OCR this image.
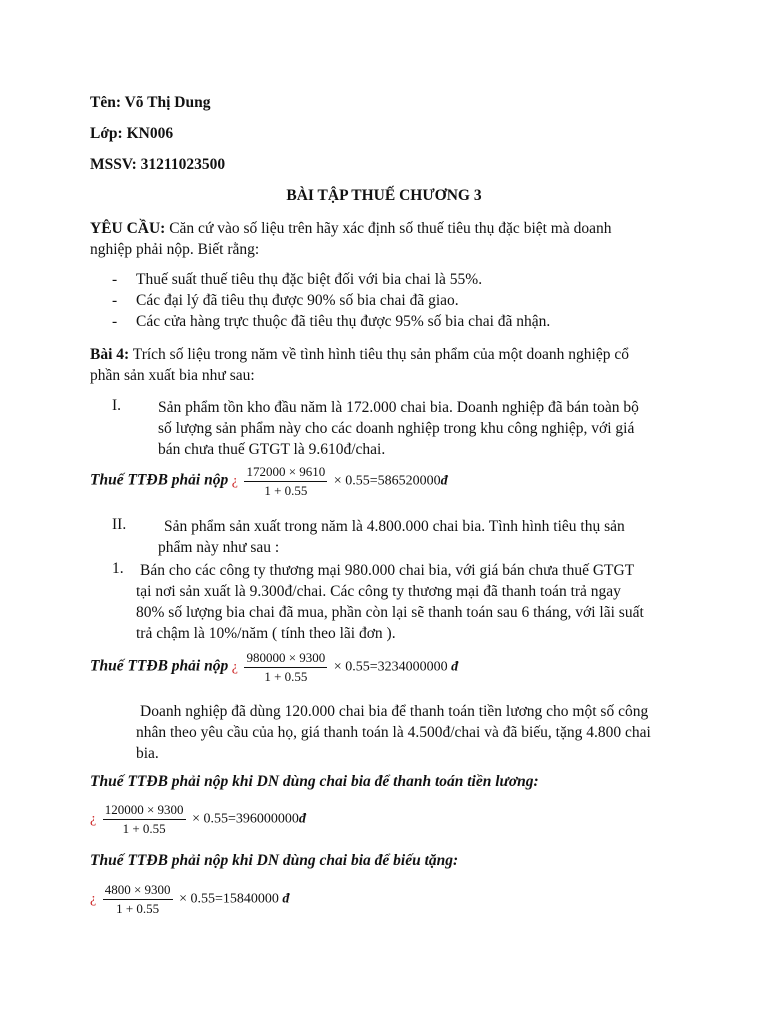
Tên: Võ Thị Dung
Lớp: KN006
MSSV: 31211023500
BÀI TẬP THUẾ CHƯƠNG 3
YÊU CẦU: Căn cứ vào số liệu trên hãy xác định số thuế tiêu thụ đặc biệt mà doanh
nghiệp phải nộp. Biết rằng:
- Thuế suất thuế tiêu thụ đặc biệt đối với bia chai là 55%.
- Các đại lý đã tiêu thụ được 90% số bia chai đã giao.
- Các cửa hàng trực thuộc đã tiêu thụ được 95% số bia chai đã nhận.
Bài 4: Trích số liệu trong năm về tình hình tiêu thụ sản phẩm của một doanh nghiệp cổ
phần sản xuất bia như sau:
I. Sản phẩm tồn kho đầu năm là 172.000 chai bia. Doanh nghiệp đã bán toàn bộ
số lượng sản phẩm này cho các doanh nghiệp trong khu công nghiệp, với giá
bán chưa thuế GTGT là 9.610đ/chai.
Thuế TTĐB phải nộp ¿ $\frac{172000 \times 9610}{1 + 0.55}$ × 0.55=586520000đ
II.	Sản phẩm sản xuất trong năm là 4.800.000 chai bia. Tình hình tiêu thụ sản
phẩm này như sau :
1. Bán cho các công ty thương mại 980.000 chai bia, với giá bán chưa thuế GTGT
tại nơi sản xuất là 9.300đ/chai. Các công ty thương mại đã thanh toán trả ngay
80% số lượng bia chai đã mua, phần còn lại sẽ thanh toán sau 6 tháng, với lãi suất
trả chậm là 10%/năm ( tính theo lãi đơn ).
Thuế TTĐB phải nộp ¿ $\frac{980000 \times 9300}{1 + 0.55} \times 0.55=3234000000$ đ
Doanh nghiệp đã dùng 120.000 chai bia để thanh toán tiền lương cho một số công
nhân theo yêu cầu của họ, giá thanh toán là 4.500đ/chai và đã biếu, tặng 4.800 chai
bia.
Thuế TTĐB phải nộp khi DN dùng chai bia để thanh toán tiền lương:
¿ $\frac{120000 \times 9300}{1 + 0.55}$ × 0.55=396000000đ
Thuế TTĐB phải nộp khi DN dùng chai bia để biếu tặng:
¿ $\frac{4800 \times 9300}{1 + 0.55} \times 0.55=15840000$ đ
